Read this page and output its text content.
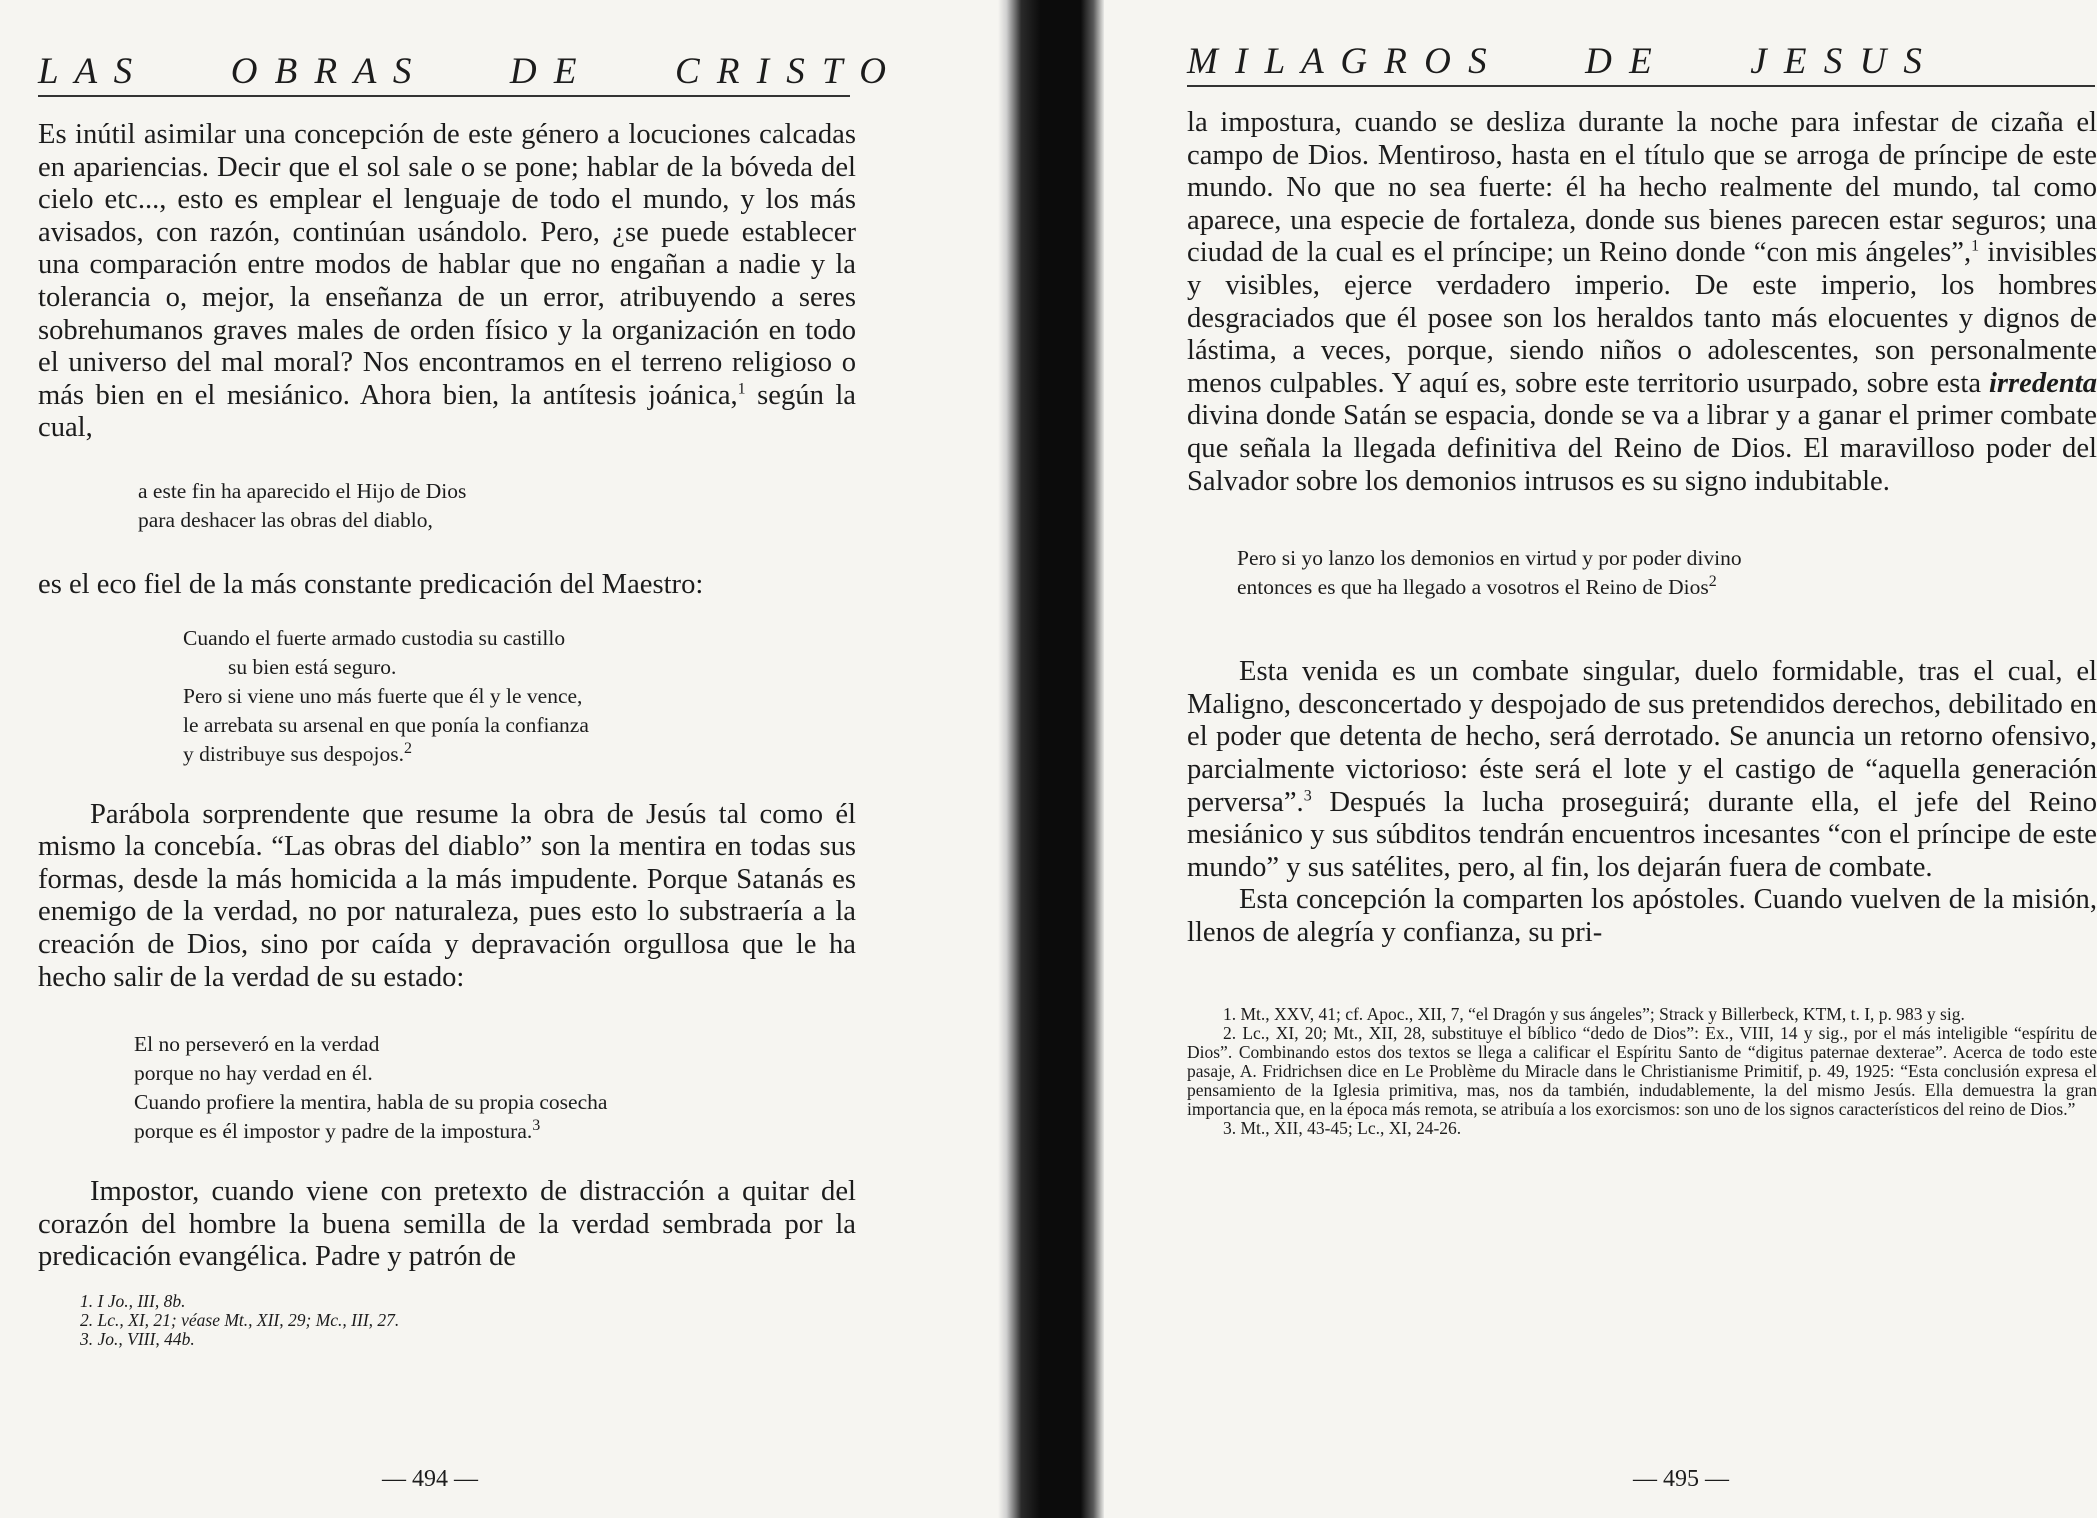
L A S	O B R A S	D E	C R I S T O

Es inútil asimilar una concepción de este género a locuciones calcadas en apariencias. Decir que el sol sale o se pone; hablar de la bóveda del cielo etc..., esto es emplear el lenguaje de todo el mundo, y los más avisados, con razón, continúan usándolo. Pero, ¿se puede establecer una comparación entre modos de hablar que no engañan a nadie y la tolerancia o, mejor, la enseñanza de un error, atribuyendo a seres sobrehumanos graves males de orden físico y la organización en todo el universo del mal moral? Nos encontramos en el terreno religioso o más bien en el mesiánico. Ahora bien, la antítesis joánica,$^1$ según la cual,

a este fin ha aparecido el Hijo de Dios
para deshacer las obras del diablo,

es el eco fiel de la más constante predicación del Maestro:

Cuando el fuerte armado custodia su castillo
su bien está seguro.
Pero si viene uno más fuerte que él y le vence,
le arrebata su arsenal en que ponía la confianza
y distribuye sus despojos.$^2$

Parábola sorprendente que resume la obra de Jesús tal como él mismo la concebía. “Las obras del diablo” son la mentira en todas sus formas, desde la más homicida a la más impudente. Porque Satanás es enemigo de la verdad, no por naturaleza, pues esto lo substraería a la creación de Dios, sino por caída y depravación orgullosa que le ha hecho salir de la verdad de su estado:

El no perseveró en la verdad
porque no hay verdad en él.
Cuando profiere la mentira, habla de su propia cosecha
porque es él impostor y padre de la impostura.$^3$

Impostor, cuando viene con pretexto de distracción a quitar del corazón del hombre la buena semilla de la verdad sembrada por la predicación evangélica. Padre y patrón de

1. I Jo., III, 8b.
2. Lc., XI, 21; véase Mt., XII, 29; Mc., III, 27.
3. Jo., VIII, 44b.
— 494 —
M I L A G R O S	D E	J E S U S

la impostura, cuando se desliza durante la noche para infestar de cizaña el campo de Dios. Mentiroso, hasta en el título que se arroga de príncipe de este mundo. No que no sea fuerte: él ha hecho realmente del mundo, tal como aparece, una especie de fortaleza, donde sus bienes parecen estar seguros; una ciudad de la cual es el príncipe; un Reino donde “con mis ángeles”,$^1$ invisibles y visibles, ejerce verdadero imperio. De este imperio, los hombres desgraciados que él posee son los heraldos tanto más elocuentes y dignos de lástima, a veces, porque, siendo niños o adolescentes, son personalmente menos culpables. Y aquí es, sobre este territorio usurpado, sobre esta irredenta divina donde Satán se espacia, donde se va a librar y a ganar el primer combate que señala la llegada definitiva del Reino de Dios. El maravilloso poder del Salvador sobre los demonios intrusos es su signo indubitable.

Pero si yo lanzo los demonios en virtud y por poder divino
entonces es que ha llegado a vosotros el Reino de Dios$^2$

Esta venida es un combate singular, duelo formidable, tras el cual, el Maligno, desconcertado y despojado de sus pretendidos derechos, debilitado en el poder que detenta de hecho, será derrotado. Se anuncia un retorno ofensivo, parcialmente victorioso: éste será el lote y el castigo de “aquella generación perversa”.$^3$ Después la lucha proseguirá; durante ella, el jefe del Reino mesiánico y sus súbditos tendrán encuentros incesantes “con el príncipe de este mundo” y sus satélites, pero, al fin, los dejarán fuera de combate.

Esta concepción la comparten los apóstoles. Cuando vuelven de la misión, llenos de alegría y confianza, su pri-

1. Mt., XXV, 41; cf. Apoc., XII, 7, “el Dragón y sus ángeles”; Strack y Billerbeck, KTM, t. I, p. 983 y sig.
2. Lc., XI, 20; Mt., XII, 28, substituye el bíblico “dedo de Dios”: Ex., VIII, 14 y sig., por el más inteligible “espíritu de Dios”. Combinando estos dos textos se llega a calificar el Espíritu Santo de “digitus paternae dexterae”. Acerca de todo este pasaje, A. Fridrichsen dice en Le Problème du Miracle dans le Christianisme Primitif, p. 49, 1925: “Esta conclusión expresa el pensamiento de la Iglesia primitiva, mas, nos da también, indudablemente, la del mismo Jesús. Ella demuestra la gran importancia que, en la época más remota, se atribuía a los exorcismos: son uno de los signos característicos del reino de Dios.”
3. Mt., XII, 43-45; Lc., XI, 24-26.
— 495 —
